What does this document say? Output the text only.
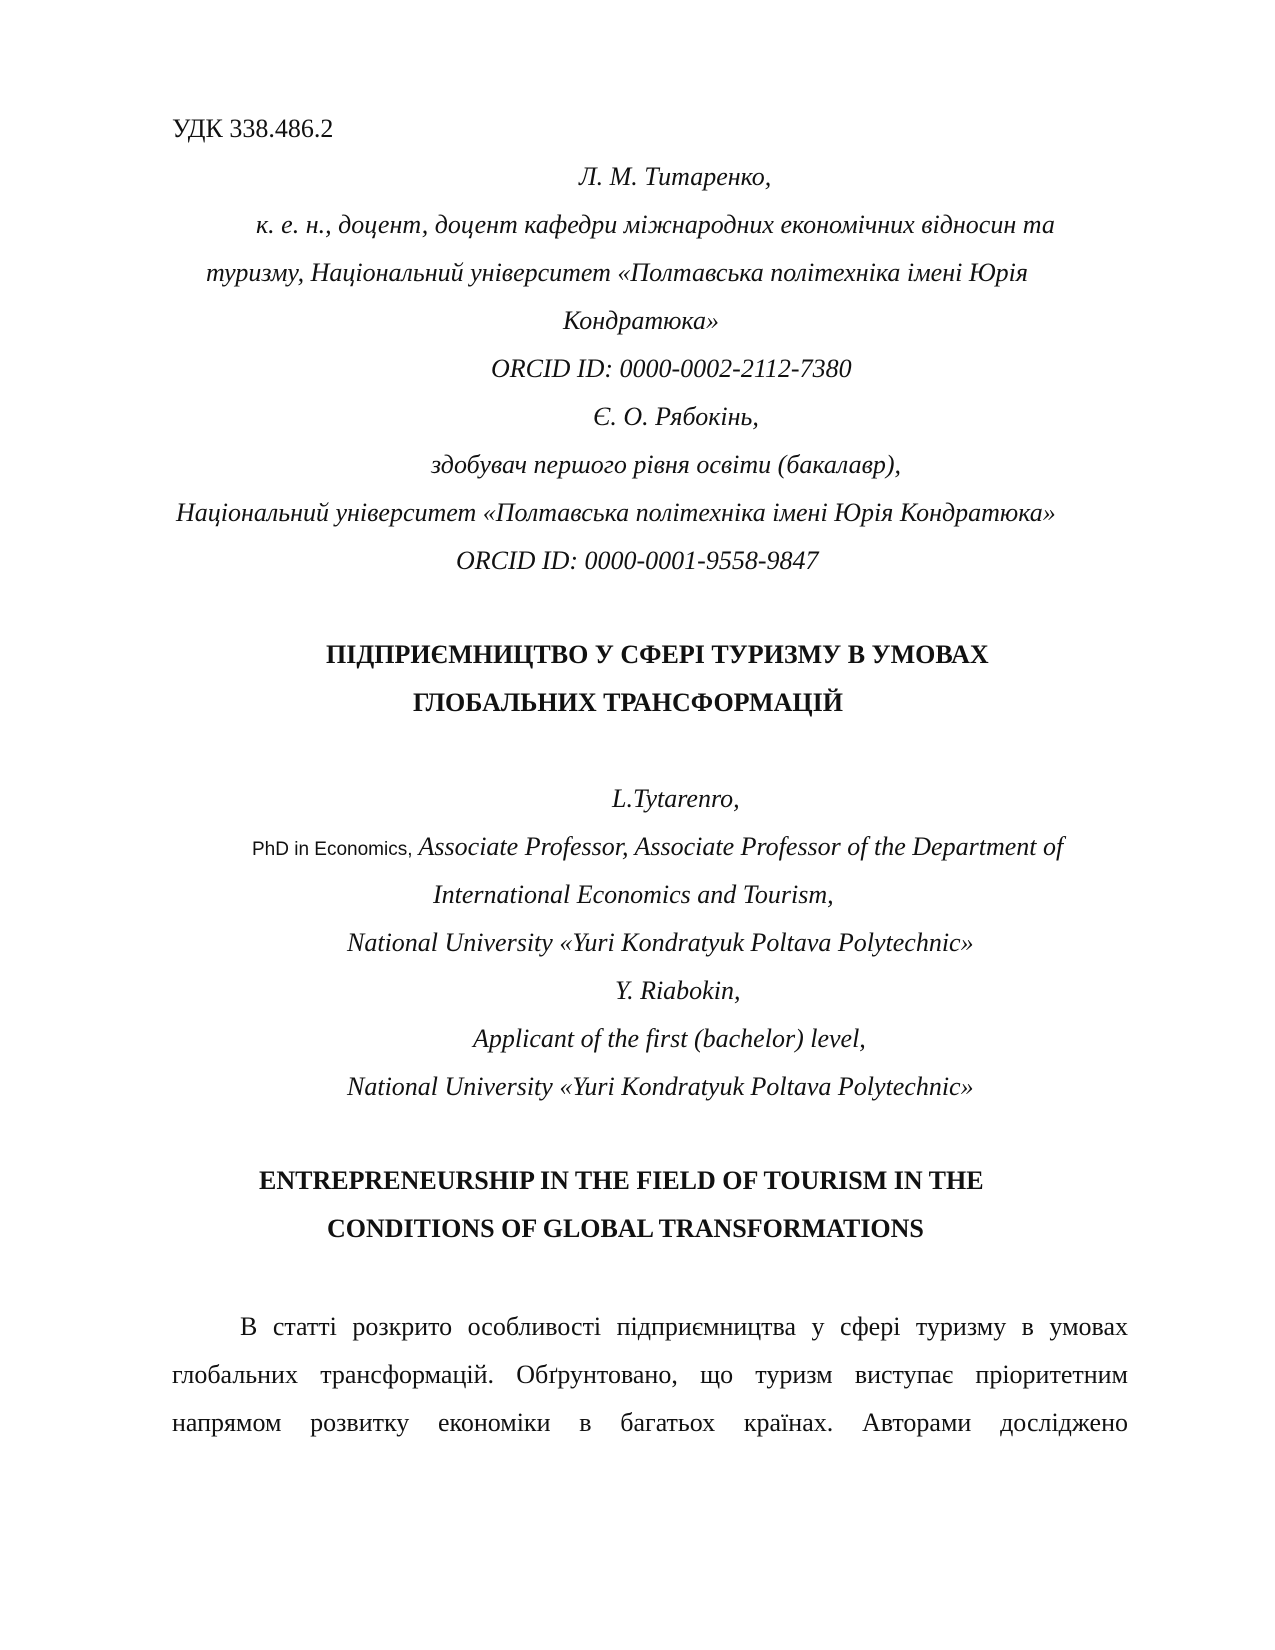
УДК 338.486.2
Л. М. Титаренко,
к. е. н., доцент, доцент кафедри міжнародних економічних відносин та
туризму, Національний університет «Полтавська політехніка імені Юрія
Кондратюка»
ORCID ID: 0000-0002-2112-7380
Є. О. Рябокінь,
здобувач першого рівня освіти (бакалавр),
Національний університет «Полтавська політехніка імені Юрія Кондратюка»
ORCID ID: 0000-0001-9558-9847
ПІДПРИЄМНИЦТВО У СФЕРІ ТУРИЗМУ В УМОВАХ
ГЛОБАЛЬНИХ ТРАНСФОРМАЦІЙ
L.Tytarenro,
PhD in Economics, Associate Professor, Associate Professor of the Department of
International Economics and Tourism,
National University «Yuri Kondratyuk Poltava Polytechnic»
Y. Riabokin,
Applicant of the first (bachelor) level,
National University «Yuri Kondratyuk Poltava Polytechnic»
ENTREPRENEURSHIP IN THE FIELD OF TOURISM IN THE
CONDITIONS OF GLOBAL TRANSFORMATIONS
В статті розкрито особливості підприємництва у сфері туризму в умовах
глобальних трансформацій. Обґрунтовано, що туризм виступає пріоритетним
напрямом розвитку економіки в багатьох країнах. Авторами досліджено
